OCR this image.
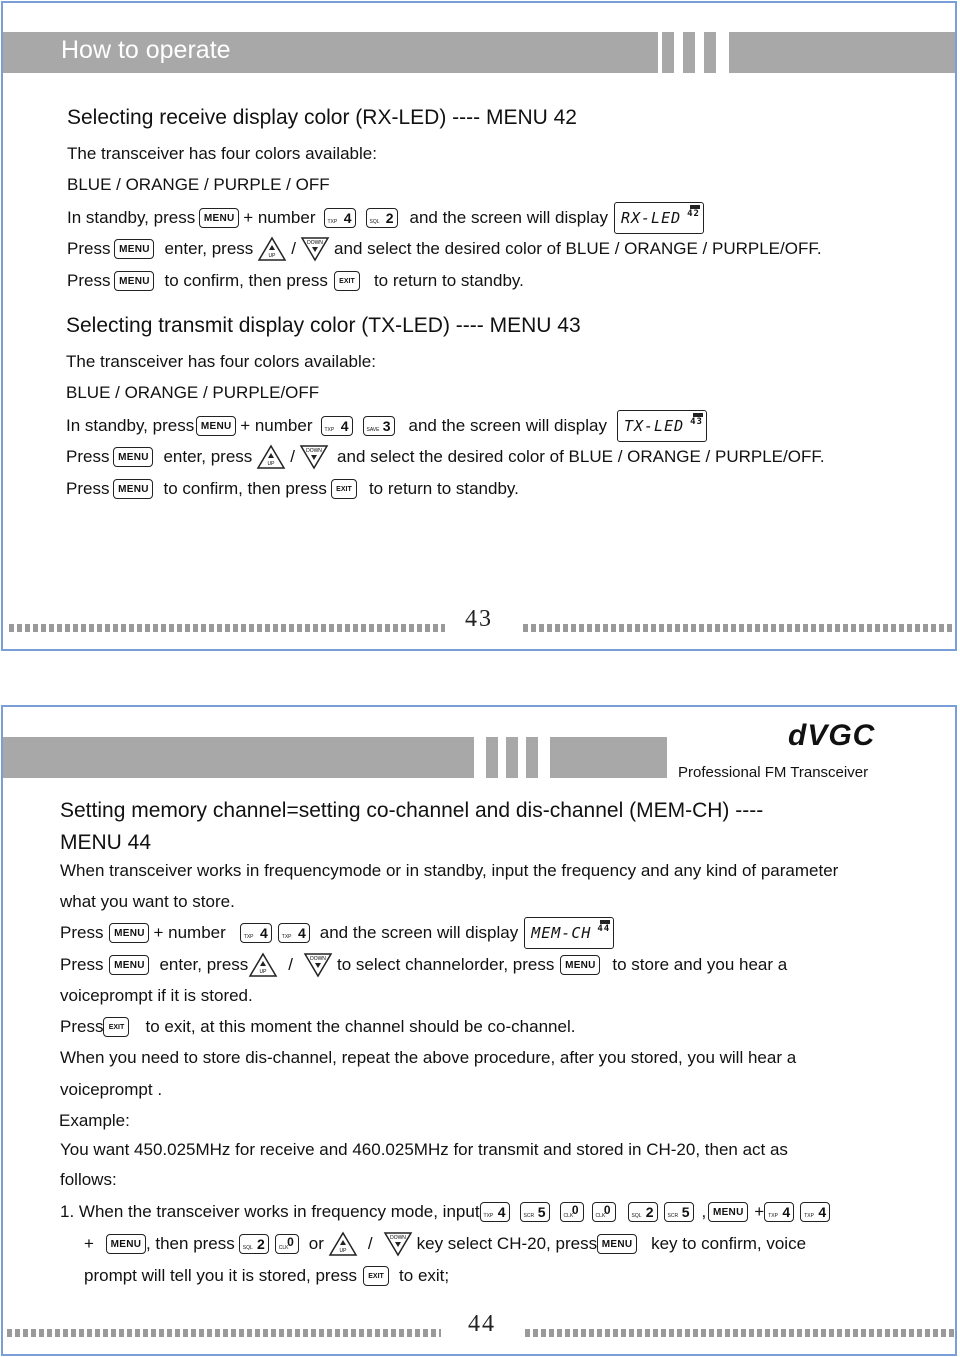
How to operate
Selecting receive display color (RX-LED) ---- MENU 42
The transceiver has four colors available:
BLUE / ORANGE / PURPLE / OFF
In standby, press MENU + number TXP 4	SQL 2 and the screen will display RX-LED 42
Press MENU enter, press	UP / DOWN and select the desired color of BLUE / ORANGE / PURPLE/OFF.
Press MENU to confirm, then press	EXIT	to return to standby.
Selecting transmit display color (TX-LED) ---- MENU 43
The transceiver has four colors available:
BLUE / ORANGE / PURPLE/OFF
In standby, press MENU + number TXP 4	SAVE 3 and the screen will display TX-LED 43
Press MENU enter, press	UP / DOWN and select the desired color of BLUE / ORANGE / PURPLE/OFF.
Press MENU to confirm, then press	EXIT	to return to standby.
43
dVGC
Professional FM Transceiver
Setting memory channel=setting co-channel and dis-channel (MEM-CH) ----
MENU 44
When transceiver works in frequencymode or in standby, input the frequency and any kind of parameter
what you want to store.
Press	MENU + number	TXP 4	TXP 4 and the screen will display MEM-CH 44
Press	MENU enter, press UP /	DOWN to select channelorder, press	MENU to store and you hear a
voiceprompt if it is stored.
Press EXIT	to exit, at this moment the channel should be co-channel.
When you need to store dis-channel, repeat the above procedure, after you stored, you will hear a
voiceprompt .
Example:
You want 450.025MHz for receive and 460.025MHz for transmit and stored in CH-20, then act as
follows:
1. When the transceiver works in frequency mode, input TXP 4	SCR 5	CLK
0	CLK
0	SQL 2	SCR 5 , MENU + TXP 4	TXP 4
+	MENU , then press SQL 2	CLK
0 or	UP /	DOWN key select CH-20, press MENU key to confirm, voice
prompt will tell you it is stored, press	EXIT to exit;
44
